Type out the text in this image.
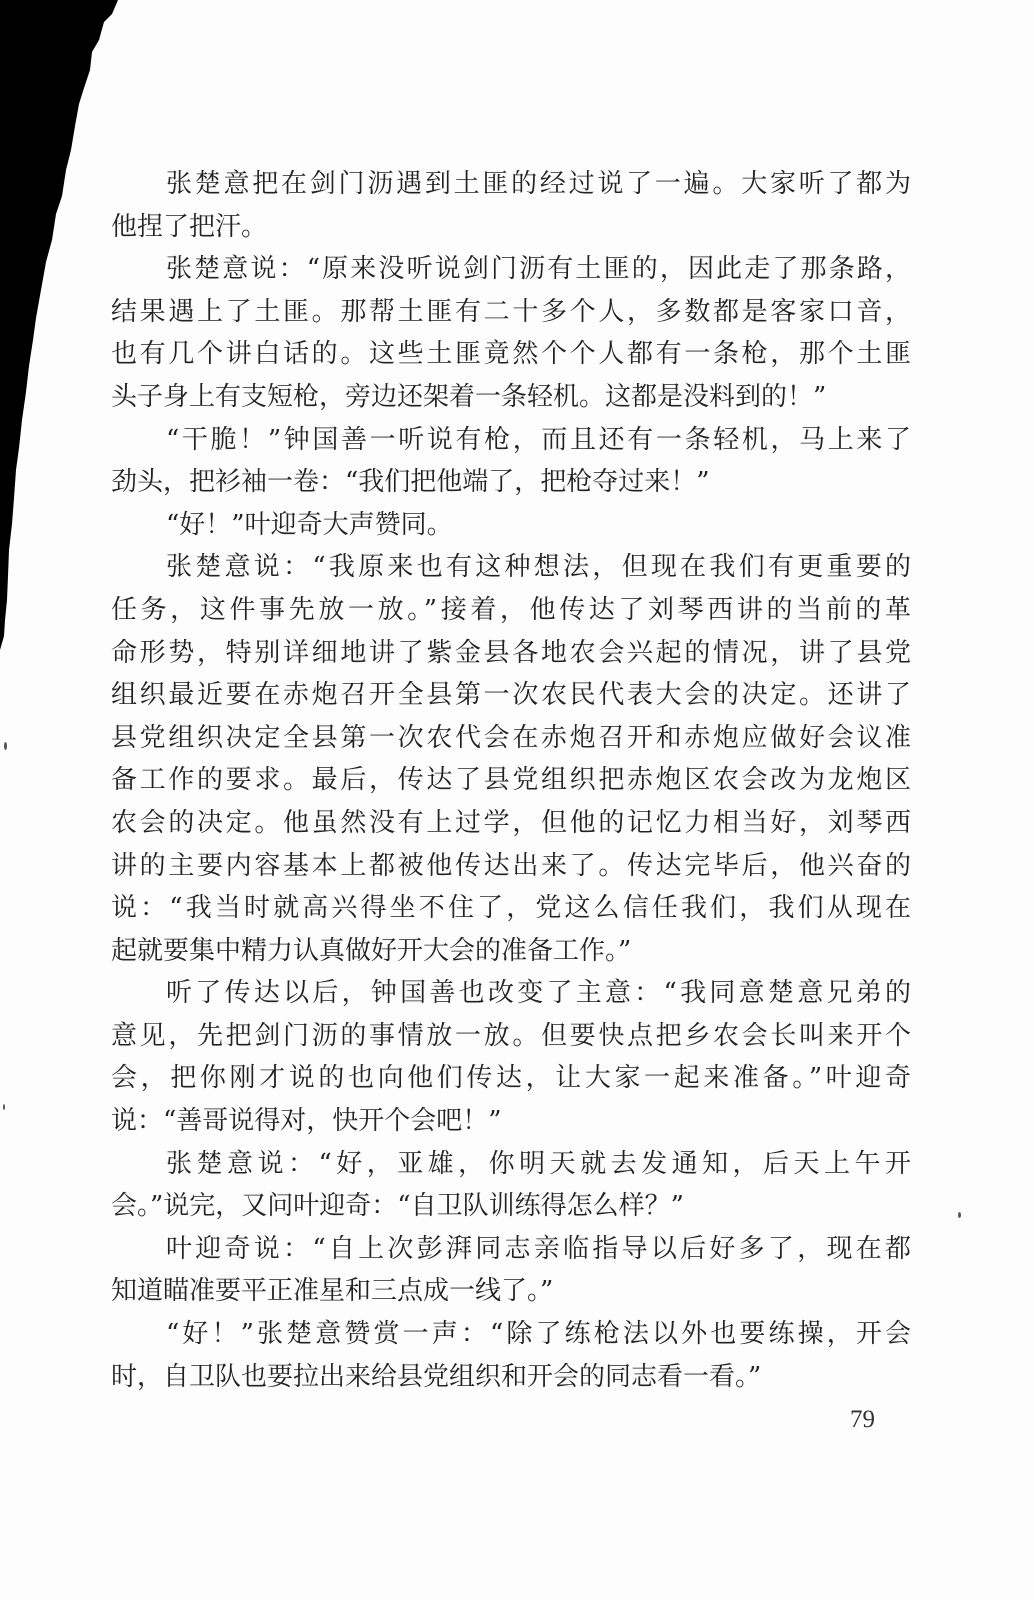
张楚意把在剑门沥遇到土匪的经过说了一遍。大家听了都为
他捏了把汗。
张楚意说：“原来没听说剑门沥有土匪的，因此走了那条路，
结果遇上了土匪。那帮土匪有二十多个人，多数都是客家口音，
也有几个讲白话的。这些土匪竟然个个人都有一条枪，那个土匪
头子身上有支短枪，旁边还架着一条轻机。这都是没料到的！”
“干脆！”钟国善一听说有枪，而且还有一条轻机，马上来了
劲头，把衫袖一卷：“我们把他端了，把枪夺过来！”
“好！”叶迎奇大声赞同。
张楚意说：“我原来也有这种想法，但现在我们有更重要的
任务，这件事先放一放。”接着，他传达了刘琴西讲的当前的革
命形势，特别详细地讲了紫金县各地农会兴起的情况，讲了县党
组织最近要在赤炮召开全县第一次农民代表大会的决定。还讲了
县党组织决定全县第一次农代会在赤炮召开和赤炮应做好会议准
备工作的要求。最后，传达了县党组织把赤炮区农会改为龙炮区
农会的决定。他虽然没有上过学，但他的记忆力相当好，刘琴西
讲的主要内容基本上都被他传达出来了。传达完毕后，他兴奋的
说：“我当时就高兴得坐不住了，党这么信任我们，我们从现在
起就要集中精力认真做好开大会的准备工作。”
听了传达以后，钟国善也改变了主意：“我同意楚意兄弟的
意见，先把剑门沥的事情放一放。但要快点把乡农会长叫来开个
会，把你刚才说的也向他们传达，让大家一起来准备。”叶迎奇
说：“善哥说得对，快开个会吧！”
张楚意说：“好，亚雄，你明天就去发通知，后天上午开
会。”说完，又问叶迎奇：“自卫队训练得怎么样？”
叶迎奇说：“自上次彭湃同志亲临指导以后好多了，现在都
知道瞄准要平正准星和三点成一线了。”
“好！”张楚意赞赏一声：“除了练枪法以外也要练操，开会
时，自卫队也要拉出来给县党组织和开会的同志看一看。”
79
